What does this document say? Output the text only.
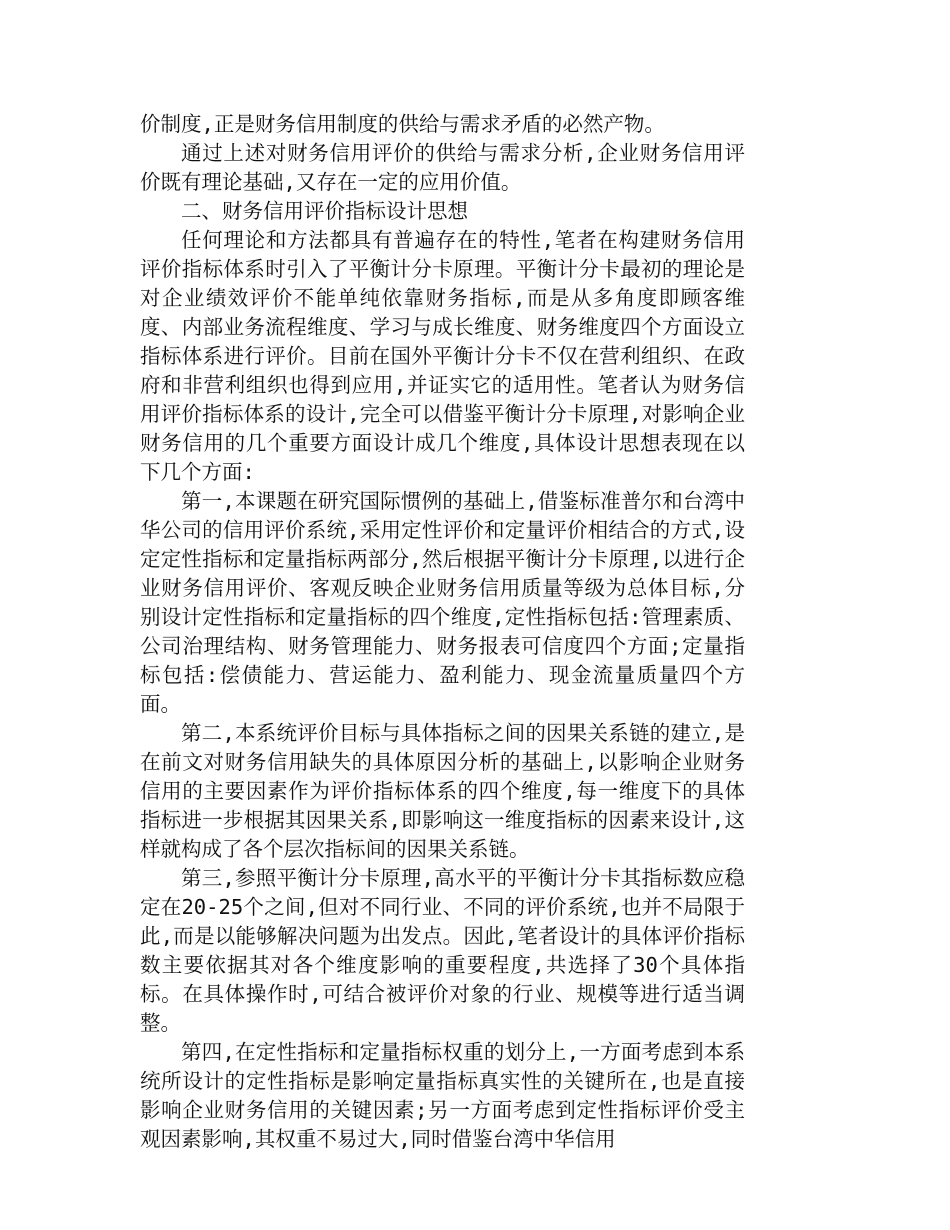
价制度,正是财务信用制度的供给与需求矛盾的必然产物。

通过上述对财务信用评价的供给与需求分析,企业财务信用评价既有理论基础,又存在一定的应用价值。

二、财务信用评价指标设计思想

任何理论和方法都具有普遍存在的特性,笔者在构建财务信用评价指标体系时引入了平衡计分卡原理。平衡计分卡最初的理论是对企业绩效评价不能单纯依靠财务指标,而是从多角度即顾客维度、内部业务流程维度、学习与成长维度、财务维度四个方面设立指标体系进行评价。目前在国外平衡计分卡不仅在营利组织、在政府和非营利组织也得到应用,并证实它的适用性。笔者认为财务信用评价指标体系的设计,完全可以借鉴平衡计分卡原理,对影响企业财务信用的几个重要方面设计成几个维度,具体设计思想表现在以下几个方面:

第一,本课题在研究国际惯例的基础上,借鉴标准普尔和台湾中华公司的信用评价系统,采用定性评价和定量评价相结合的方式,设定定性指标和定量指标两部分,然后根据平衡计分卡原理,以进行企业财务信用评价、客观反映企业财务信用质量等级为总体目标,分别设计定性指标和定量指标的四个维度,定性指标包括:管理素质、公司治理结构、财务管理能力、财务报表可信度四个方面;定量指标包括:偿债能力、营运能力、盈利能力、现金流量质量四个方面。

第二,本系统评价目标与具体指标之间的因果关系链的建立,是在前文对财务信用缺失的具体原因分析的基础上,以影响企业财务信用的主要因素作为评价指标体系的四个维度,每一维度下的具体指标进一步根据其因果关系,即影响这一维度指标的因素来设计,这样就构成了各个层次指标间的因果关系链。

第三,参照平衡计分卡原理,高水平的平衡计分卡其指标数应稳定在20-25个之间,但对不同行业、不同的评价系统,也并不局限于此,而是以能够解决问题为出发点。因此,笔者设计的具体评价指标数主要依据其对各个维度影响的重要程度,共选择了30个具体指标。在具体操作时,可结合被评价对象的行业、规模等进行适当调整。

第四,在定性指标和定量指标权重的划分上,一方面考虑到本系统所设计的定性指标是影响定量指标真实性的关键所在,也是直接影响企业财务信用的关键因素;另一方面考虑到定性指标评价受主观因素影响,其权重不易过大,同时借鉴台湾中华信用
